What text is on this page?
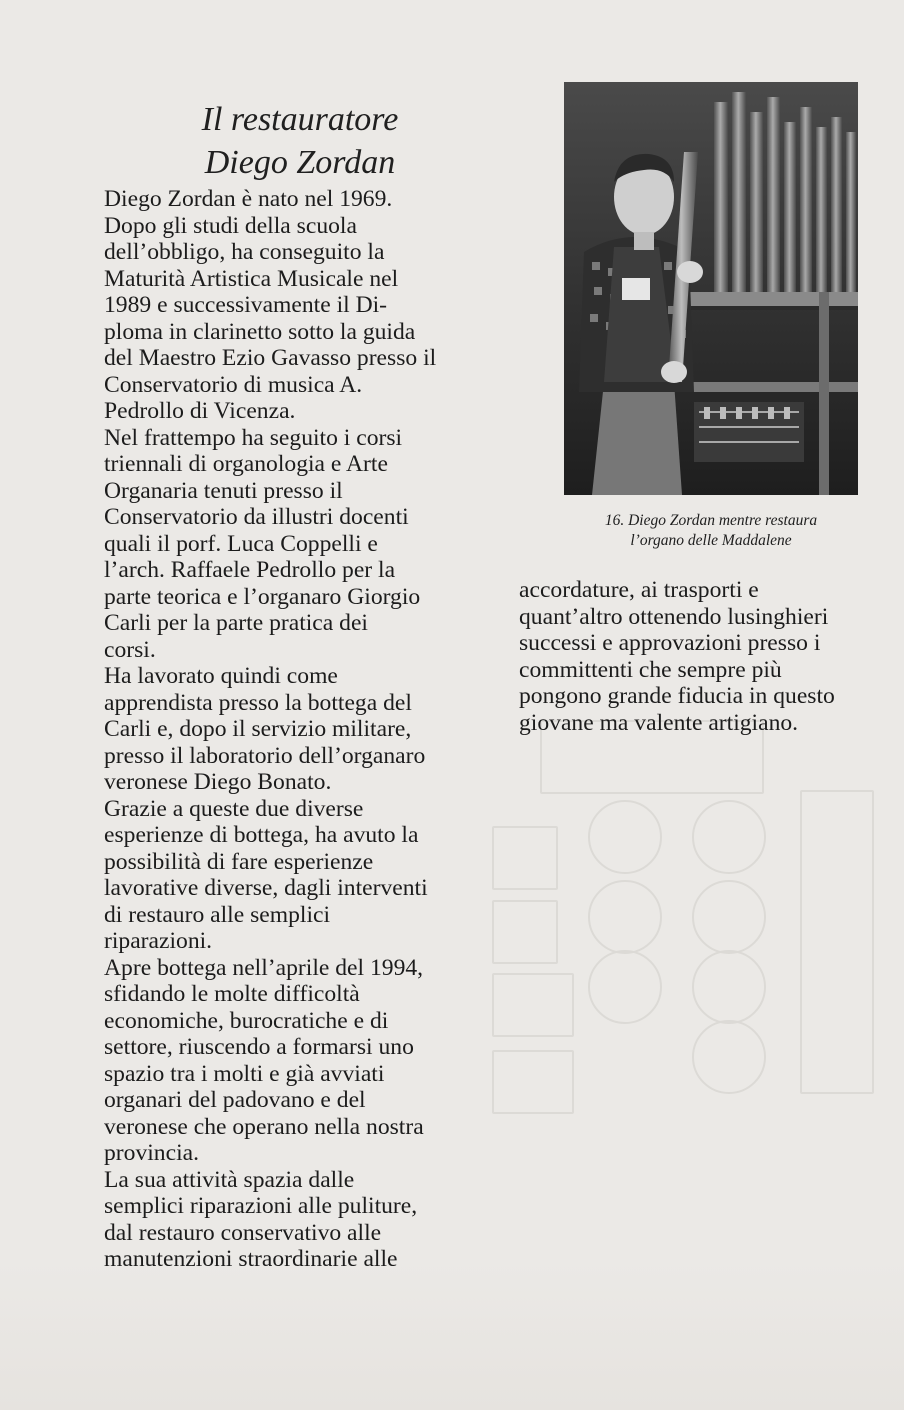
Il restauratore
Diego Zordan
Diego Zordan è nato nel 1969.
Dopo gli studi della scuola
dell’obbligo, ha conseguito la
Maturità Artistica Musicale nel
1989 e successivamente il Di-
ploma in clarinetto sotto la guida
del Maestro Ezio Gavasso presso il
Conservatorio di musica A.
Pedrollo di Vicenza.
Nel frattempo ha seguito i corsi
triennali di organologia e Arte
Organaria tenuti presso il
Conservatorio da illustri docenti
quali il porf. Luca Coppelli e
l’arch. Raffaele Pedrollo per la
parte teorica e l’organaro Giorgio
Carli per la parte pratica dei
corsi.
Ha lavorato quindi come
apprendista presso la bottega del
Carli e, dopo il servizio militare,
presso il laboratorio dell’organaro
veronese Diego Bonato.
Grazie a queste due diverse
esperienze di bottega, ha avuto la
possibilità di fare esperienze
lavorative diverse, dagli interventi
di restauro alle semplici
riparazioni.
Apre bottega nell’aprile del 1994,
sfidando le molte difficoltà
economiche, burocratiche e di
settore, riuscendo a formarsi uno
spazio tra i molti e già avviati
organari del padovano e del
veronese che operano nella nostra
provincia.
La sua attività spazia dalle
semplici riparazioni alle puliture,
dal restauro conservativo alle
manutenzioni straordinarie alle
16. Diego Zordan mentre restaura
l’organo delle Maddalene
accordature, ai trasporti e
quant’altro ottenendo lusinghieri
successi e approvazioni presso i
committenti che sempre più
pongono grande fiducia in questo
giovane ma valente artigiano.
